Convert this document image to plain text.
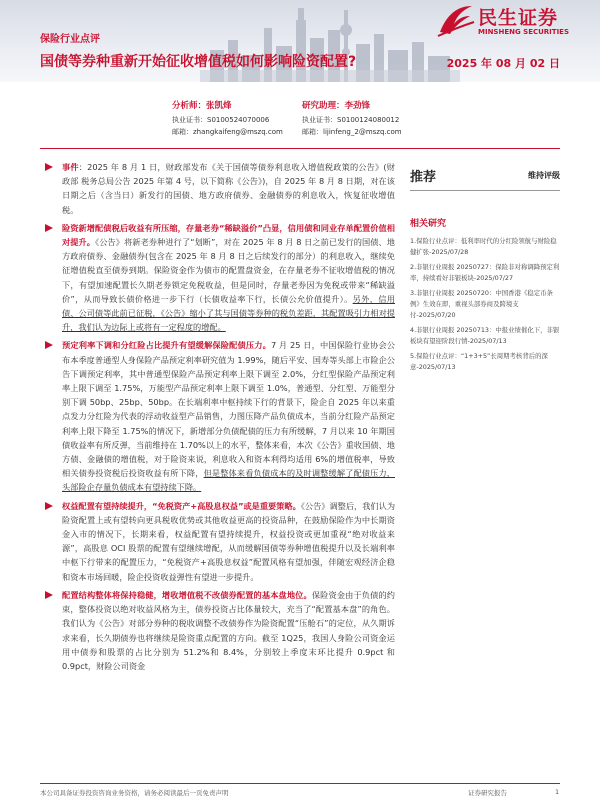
保险行业点评
国债等券种重新开始征收增值税如何影响险资配置?	2025 年 08 月 02 日
民生证券
MINSHENG SECURITIES
分析师：张凯烽
执业证书：S0100524070006
邮箱：zhangkaifeng@mszq.com
研究助理：李劲锋
执业证书：S0100124080012
邮箱：lijinfeng_2@mszq.com
事件：2025 年 8 月 1 日，财政部发布《关于国债等债券利息收入增值税政策的公告》(财政部 税务总局公告 2025 年第 4 号，以下简称《公告》)，自 2025 年 8 月 8 日期，对在该日期之后（含当日）新发行的国债、地方政府债券、金融债券的利息收入，恢复征收增值税。
险资新增配债税后收益有所压缩，存量老券“稀缺溢价”凸显，信用债和同业存单配置价值相对提升。《公告》将新老券种进行了“划断”，对在 2025 年 8 月 8 日之前已发行的国债、地方政府债券、金融债券(包含在 2025 年 8 月 8 日之后续发行的部分）的利息收入，继续免征增值税直至债券到期。保险资金作为债市的配置盘资金，在存量老券不征收增值税的情况下，有望加速配置长久期老券锁定免税收益，但是同时，存量老券因为免税或带来“稀缺溢价”，从而导致长债价格进一步下行（长债收益率下行，长债公允价值提升）。另外，信用债、公司债等此前已征税，《公告》缩小了其与国债等券种的税负差距，其配置吸引力相对提升，我们认为边际上或将有一定程度的增配。
预定利率下调和分红险占比提升有望缓解保险配债压力。7 月 25 日，中国保险行业协会公布本季度普通型人身保险产品预定利率研究值为 1.99%，随后平安、国寿等头部上市险企公告下调预定利率，其中普通型保险产品预定利率上限下调至 2.0%，分红型保险产品预定利率上限下调至 1.75%，万能型产品预定利率上限下调至 1.0%，普通型、分红型、万能型分别下调 50bp、25bp、50bp。在长端利率中枢持续下行的背景下，险企自 2025 年以来重点发力分红险为代表的浮动收益型产品销售，力图压降产品负债成本，当前分红险产品预定利率上限下降至 1.75%的情况下，新增部分负债配债的压力有所缓解，7 月以来 10 年期国债收益率有所反弹，当前维持在 1.70%以上的水平，整体来看，本次《公告》重收国债、地方债、金融债的增值税，对于险资来说，利息收入和资本利得均适用 6%的增值税率，导致相关债券投资税后投资收益有所下降，但是整体来看负债成本的及时调整缓解了配债压力，头部险企存量负债成本有望持续下降。
权益配置有望持续提升，“免税资产+高股息权益”或是重要策略。《公告》调整后，我们认为险资配置上或有望转向更具税收优势或其他收益更高的投资品种，在鼓励保险作为中长期资金入市的情况下，长期来看，权益配置有望持续提升，权益投资或更加重视“绝对收益来源”，高股息 OCI 股票的配置有望继续增配，从而缓解国债等券种增值税提升以及长端利率中枢下行带来的配置压力，“免税资产+高股息权益”配置风格有望加强，伴随宏观经济企稳和资本市场回暖，险企投资收益弹性有望进一步提升。
配置结构整体将保持稳健，增收增值税不改债券配置的基本盘地位。保险资金由于负债的约束，整体投资以绝对收益风格为主，债券投资占比体量较大，充当了“配置基本盘”的角色。我们认为《公告》对部分券种的税收调整不改债券作为险资配置“压舱石”的定位，从久期诉求来看，长久期债券也将继续是险资重点配置的方向。截至 1Q25，我国人身险公司资金运用中债券和股票的占比分别为 51.2%和 8.4%，分别较上季度末环比提升 0.9pct 和 0.9pct，财险公司资金
推荐	维持评级
相关研究
1.保险行业点评：低利率时代的分红险领航与财险稳健扩张-2025/07/28
2.非银行业周报 20250727：保险非对称调降预定利率，持续看好非银板块-2025/07/27
3.非银行业周报 20250720：中国香港《稳定币条例》生效在即，重视头部券商及跨境支付-2025/07/20
4.非银行业周报 20250713：中报业绩催化下，非银板块有望迎阶段行情-2025/07/13
5.保险行业点评：“1+3+5”长周期考核背后的深意-2025/07/13
本公司具备证券投资咨询业务资格，请务必阅读最后一页免责声明	证券研究报告	1
